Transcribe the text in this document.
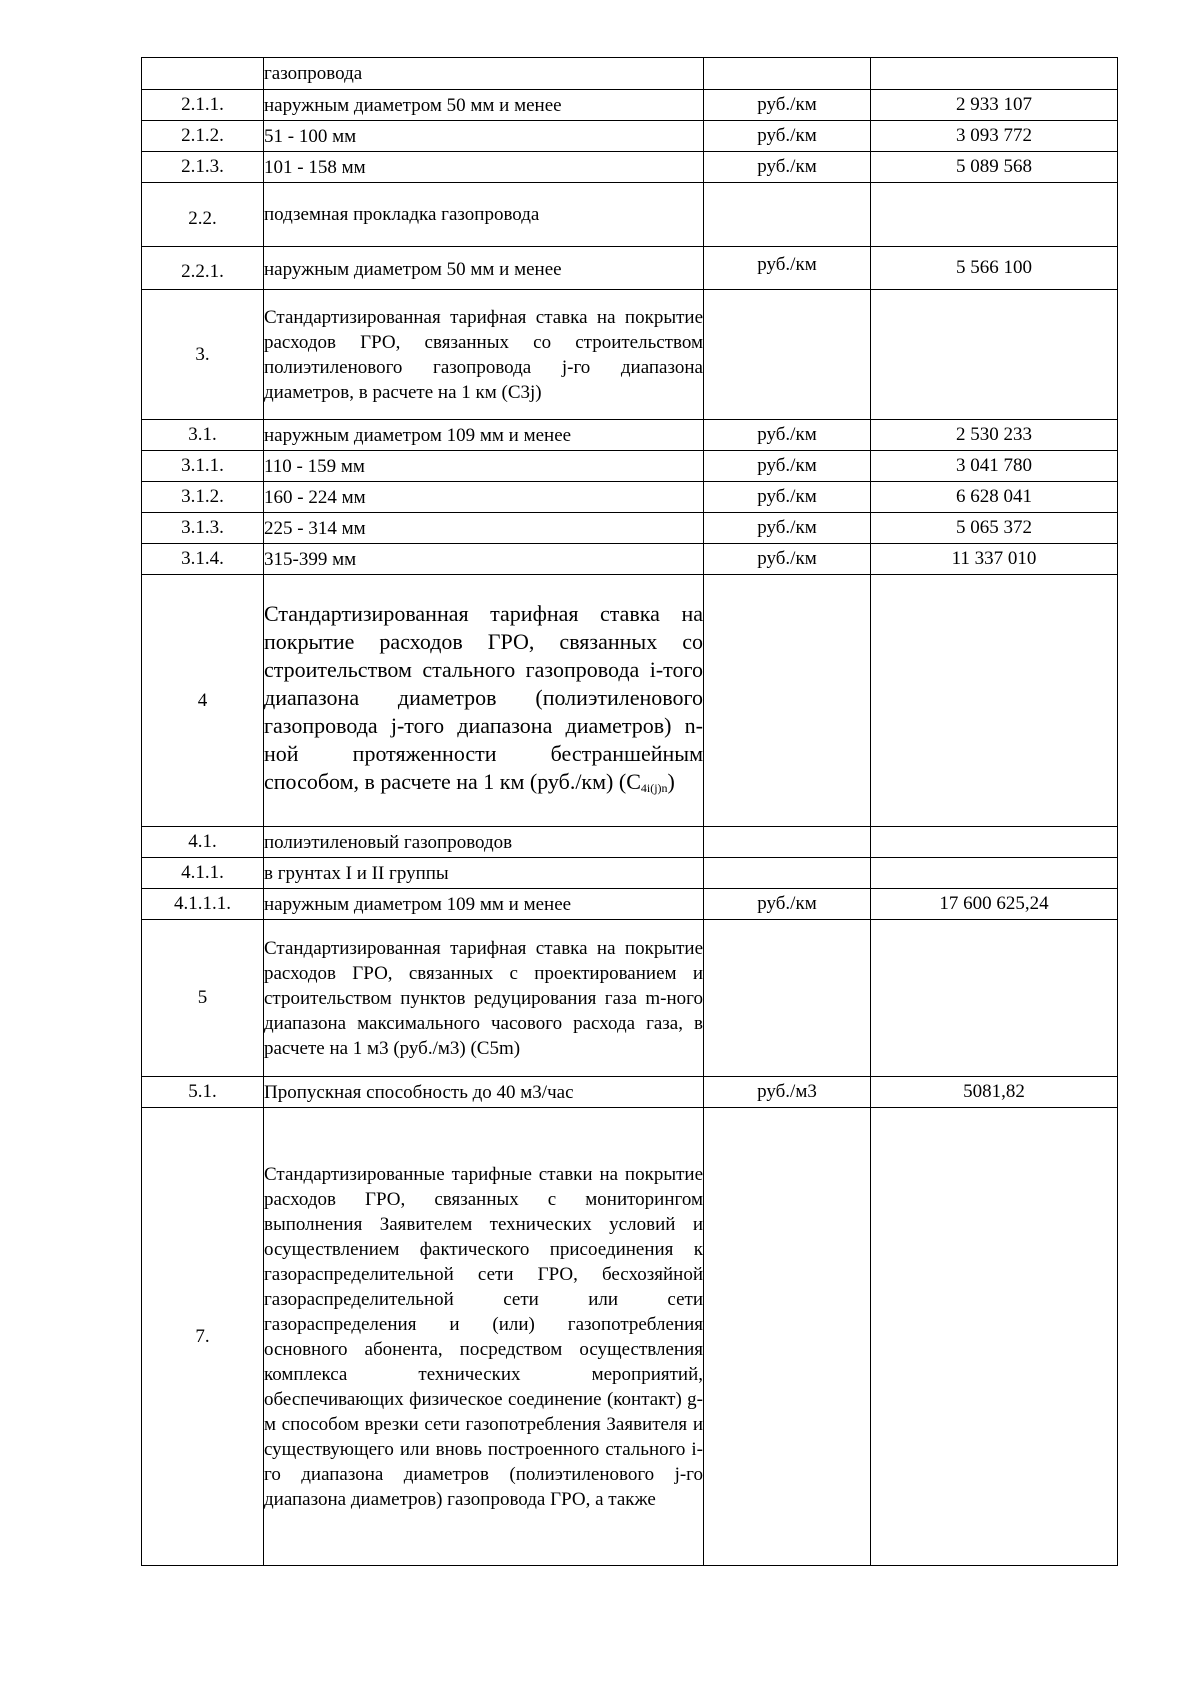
	газопровода		
2.1.1.	наружным диаметром 50 мм и менее	руб./км	2 933 107
2.1.2.	51 - 100 мм	руб./км	3 093 772
2.1.3.	101 - 158 мм	руб./км	5 089 568
2.2.	подземная прокладка газопровода		
2.2.1.	наружным диаметром 50 мм и менее	руб./км	5 566 100
3.	Стандартизированная тарифная ставка на покрытие расходов ГРО, связанных со строительством полиэтиленового газопровода j-го диапазона диаметров, в расчете на 1 км (С3j)		
3.1.	наружным диаметром 109 мм и менее	руб./км	2 530 233
3.1.1.	110 - 159 мм	руб./км	3 041 780
3.1.2.	160 - 224 мм	руб./км	6 628 041
3.1.3.	225 - 314 мм	руб./км	5 065 372
3.1.4.	315-399 мм	руб./км	11 337 010
4	Стандартизированная тарифная ставка на покрытие расходов ГРО, связанных со строительством стального газопровода i-того диапазона диаметров (полиэтиленового газопровода j-того диапазона диаметров) n-ной протяженности бестраншейным способом, в расчете на 1 км (руб./км) $(С_{4i(j)n})$		
4.1.	полиэтиленовый газопроводов		
4.1.1.	в грунтах I и II группы		
4.1.1.1.	наружным диаметром 109 мм и менее	руб./км	17 600 625,24
5	Стандартизированная тарифная ставка на покрытие расходов ГРО, связанных с проектированием и строительством пунктов редуцирования газа m-ного диапазона максимального часового расхода газа, в расчете на 1 м3 (руб./м3) (С5m)		
5.1.	Пропускная способность до 40 м3/час	руб./м3	5081,82
7.	Стандартизированные тарифные ставки на покрытие расходов ГРО, связанных с мониторингом выполнения Заявителем технических условий и осуществлением фактического присоединения к газораспределительной сети ГРО, бесхозяйной газораспределительной сети или сети газораспределения и (или) газопотребления основного абонента, посредством осуществления комплекса технических мероприятий, обеспечивающих физическое соединение (контакт) g-м способом врезки сети газопотребления Заявителя и существующего или вновь построенного стального i-го диапазона диаметров (полиэтиленового j-го диапазона диаметров) газопровода ГРО, а также		
